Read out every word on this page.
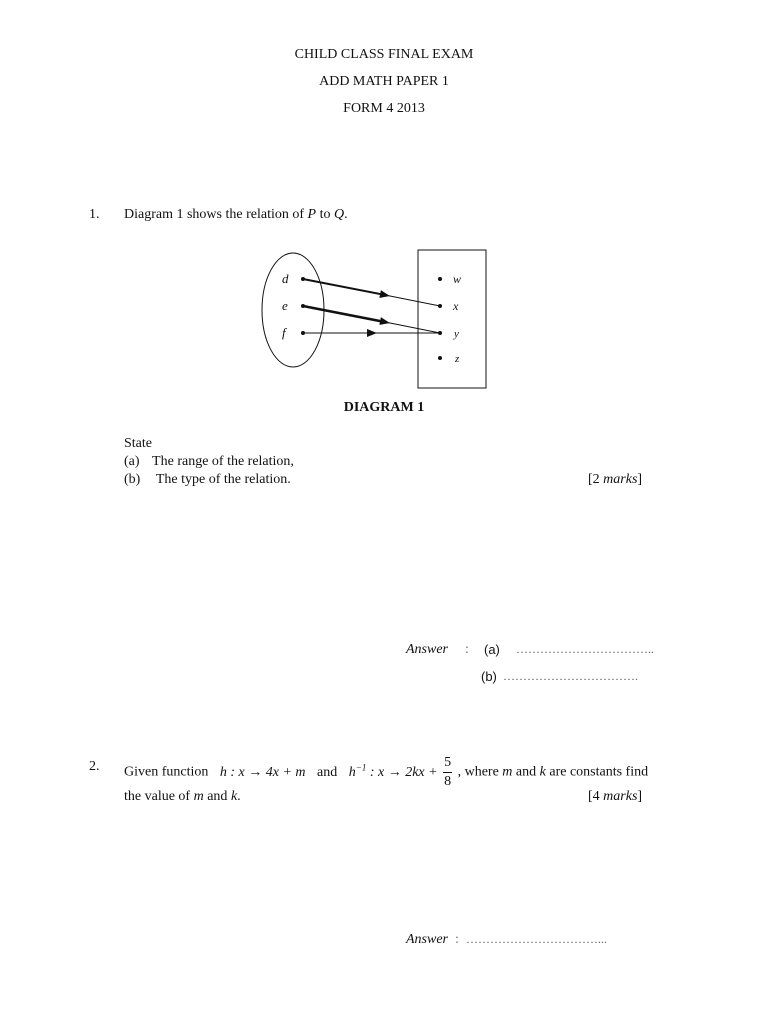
CHILD CLASS FINAL EXAM
ADD MATH PAPER 1
FORM 4 2013
1. Diagram 1 shows the relation of P to Q.
d
e
f
w
x
y
z
DIAGRAM 1
State
(a) The range of the relation,
(b) The type of the relation.	[2 marks]
Answer : (a) ……………………………..
(b) …………………………….
2. Given function h : x → 4x + m and $h^{-1}$ : $x \to 2kx + \frac{5}{8}$ , where m and k are constants find
the value of m and k.	[4 marks]
Answer : ……………………………...
